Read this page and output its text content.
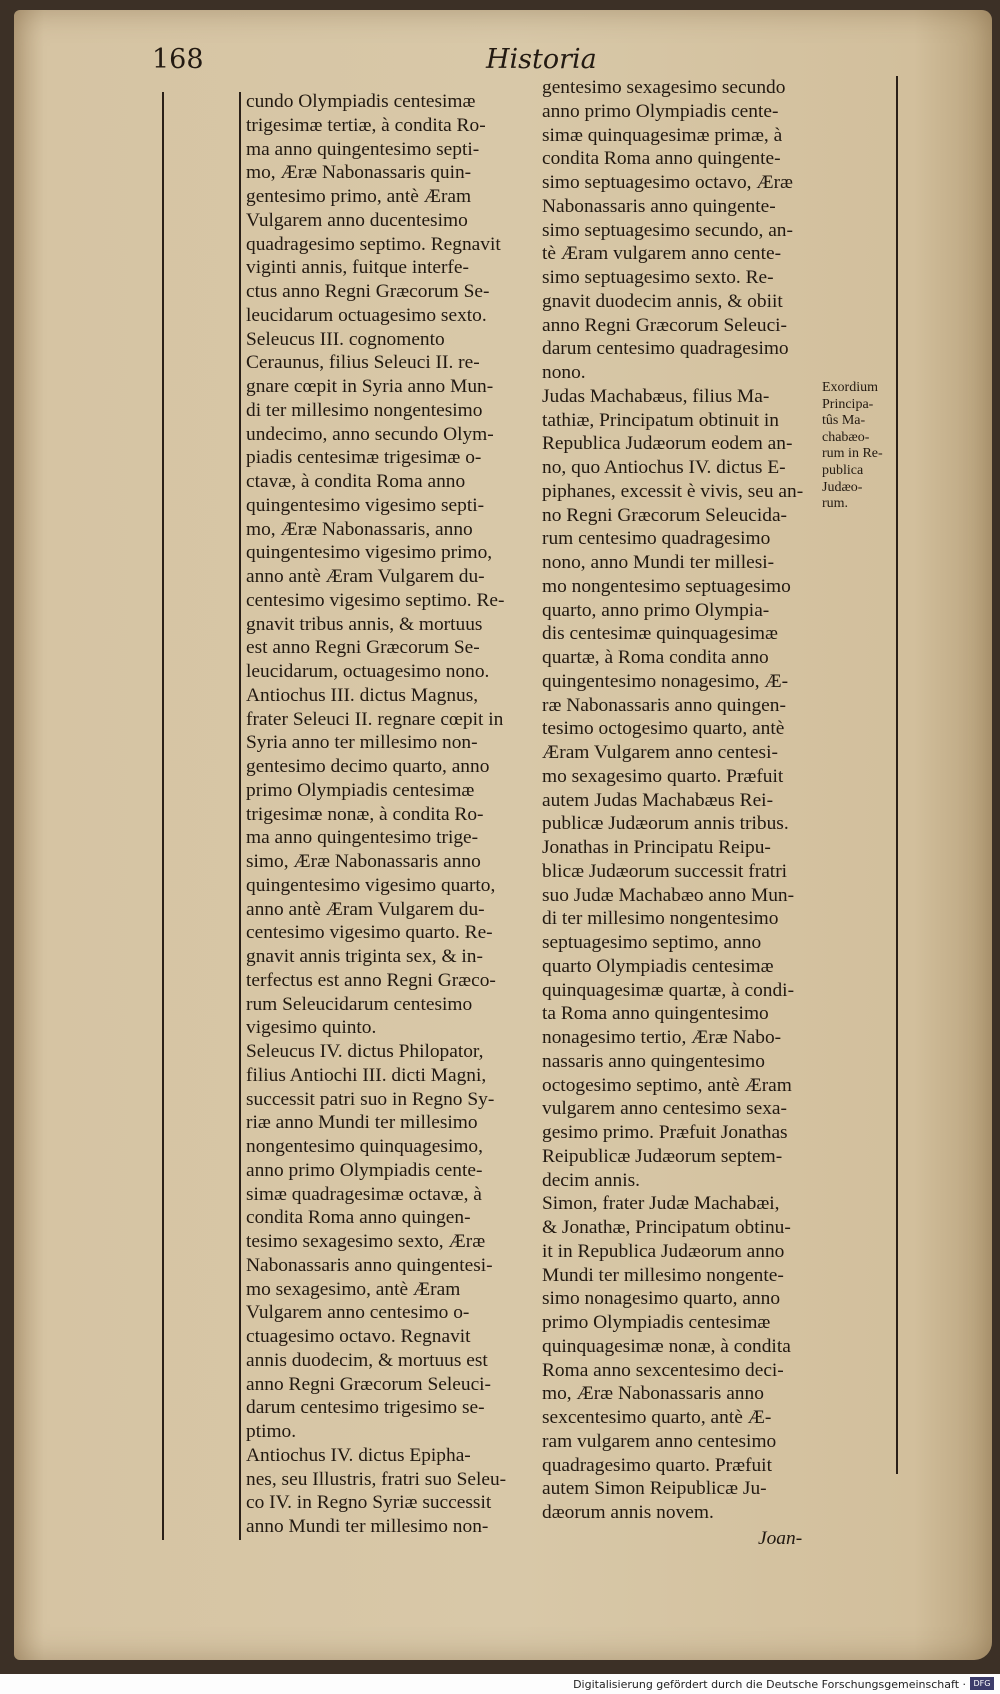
168	Historia
cundo Olympiadis centesimæ
trigesimæ tertiæ, à condita Ro-
ma anno quingentesimo septi-
mo, Æræ Nabonassaris quin-
gentesimo primo, antè Æram
Vulgarem anno ducentesimo
quadragesimo septimo. Regnavit
viginti annis, fuitque interfe-
ctus anno Regni Græcorum Se-
leucidarum octuagesimo sexto.
Seleucus III. cognomento
Ceraunus, filius Seleuci II. re-
gnare cœpit in Syria anno Mun-
di ter millesimo nongentesimo
undecimo, anno secundo Olym-
piadis centesimæ trigesimæ o-
ctavæ, à condita Roma anno
quingentesimo vigesimo septi-
mo, Æræ Nabonassaris, anno
quingentesimo vigesimo primo,
anno antè Æram Vulgarem du-
centesimo vigesimo septimo. Re-
gnavit tribus annis, & mortuus
est anno Regni Græcorum Se-
leucidarum, octuagesimo nono.
Antiochus III. dictus Magnus,
frater Seleuci II. regnare cœpit in
Syria anno ter millesimo non-
gentesimo decimo quarto, anno
primo Olympiadis centesimæ
trigesimæ nonæ, à condita Ro-
ma anno quingentesimo trige-
simo, Æræ Nabonassaris anno
quingentesimo vigesimo quarto,
anno antè Æram Vulgarem du-
centesimo vigesimo quarto. Re-
gnavit annis triginta sex, & in-
terfectus est anno Regni Græco-
rum Seleucidarum centesimo
vigesimo quinto.
Seleucus IV. dictus Philopator,
filius Antiochi III. dicti Magni,
successit patri suo in Regno Sy-
riæ anno Mundi ter millesimo
nongentesimo quinquagesimo,
anno primo Olympiadis cente-
simæ quadragesimæ octavæ, à
condita Roma anno quingen-
tesimo sexagesimo sexto, Æræ
Nabonassaris anno quingentesi-
mo sexagesimo, antè Æram
Vulgarem anno centesimo o-
ctuagesimo octavo. Regnavit
annis duodecim, & mortuus est
anno Regni Græcorum Seleuci-
darum centesimo trigesimo se-
ptimo.
Antiochus IV. dictus Epipha-
nes, seu Illustris, fratri suo Seleu-
co IV. in Regno Syriæ successit
anno Mundi ter millesimo non-
gentesimo sexagesimo secundo
anno primo Olympiadis cente-
simæ quinquagesimæ primæ, à
condita Roma anno quingente-
simo septuagesimo octavo, Æræ
Nabonassaris anno quingente-
simo septuagesimo secundo, an-
tè Æram vulgarem anno cente-
simo septuagesimo sexto. Re-
gnavit duodecim annis, & obiit
anno Regni Græcorum Seleuci-
darum centesimo quadragesimo
nono.
Judas Machabæus, filius Ma-
tathiæ, Principatum obtinuit in
Republica Judæorum eodem an-
no, quo Antiochus IV. dictus E-
piphanes, excessit è vivis, seu an-
no Regni Græcorum Seleucida-
rum centesimo quadragesimo
nono, anno Mundi ter millesi-
mo nongentesimo septuagesimo
quarto, anno primo Olympia-
dis centesimæ quinquagesimæ
quartæ, à Roma condita anno
quingentesimo nonagesimo, Æ-
ræ Nabonassaris anno quingen-
tesimo octogesimo quarto, antè
Æram Vulgarem anno centesi-
mo sexagesimo quarto. Præfuit
autem Judas Machabæus Rei-
publicæ Judæorum annis tribus.
Jonathas in Principatu Reipu-
blicæ Judæorum successit fratri
suo Judæ Machabæo anno Mun-
di ter millesimo nongentesimo
septuagesimo septimo, anno
quarto Olympiadis centesimæ
quinquagesimæ quartæ, à condi-
ta Roma anno quingentesimo
nonagesimo tertio, Æræ Nabo-
nassaris anno quingentesimo
octogesimo septimo, antè Æram
vulgarem anno centesimo sexa-
gesimo primo. Præfuit Jonathas
Reipublicæ Judæorum septem-
decim annis.
Simon, frater Judæ Machabæi,
& Jonathæ, Principatum obtinu-
it in Republica Judæorum anno
Mundi ter millesimo nongente-
simo nonagesimo quarto, anno
primo Olympiadis centesimæ
quinquagesimæ nonæ, à condita
Roma anno sexcentesimo deci-
mo, Æræ Nabonassaris anno
sexcentesimo quarto, antè Æ-
ram vulgarem anno centesimo
quadragesimo quarto. Præfuit
autem Simon Reipublicæ Ju-
dæorum annis novem.
Exordium
Principa-
tûs Ma-
chabæo-
rum in Re-
publica
Judæo-
rum.
Joan-
Digitalisierung gefördert durch die Deutsche Forschungsgemeinschaft · DFG
